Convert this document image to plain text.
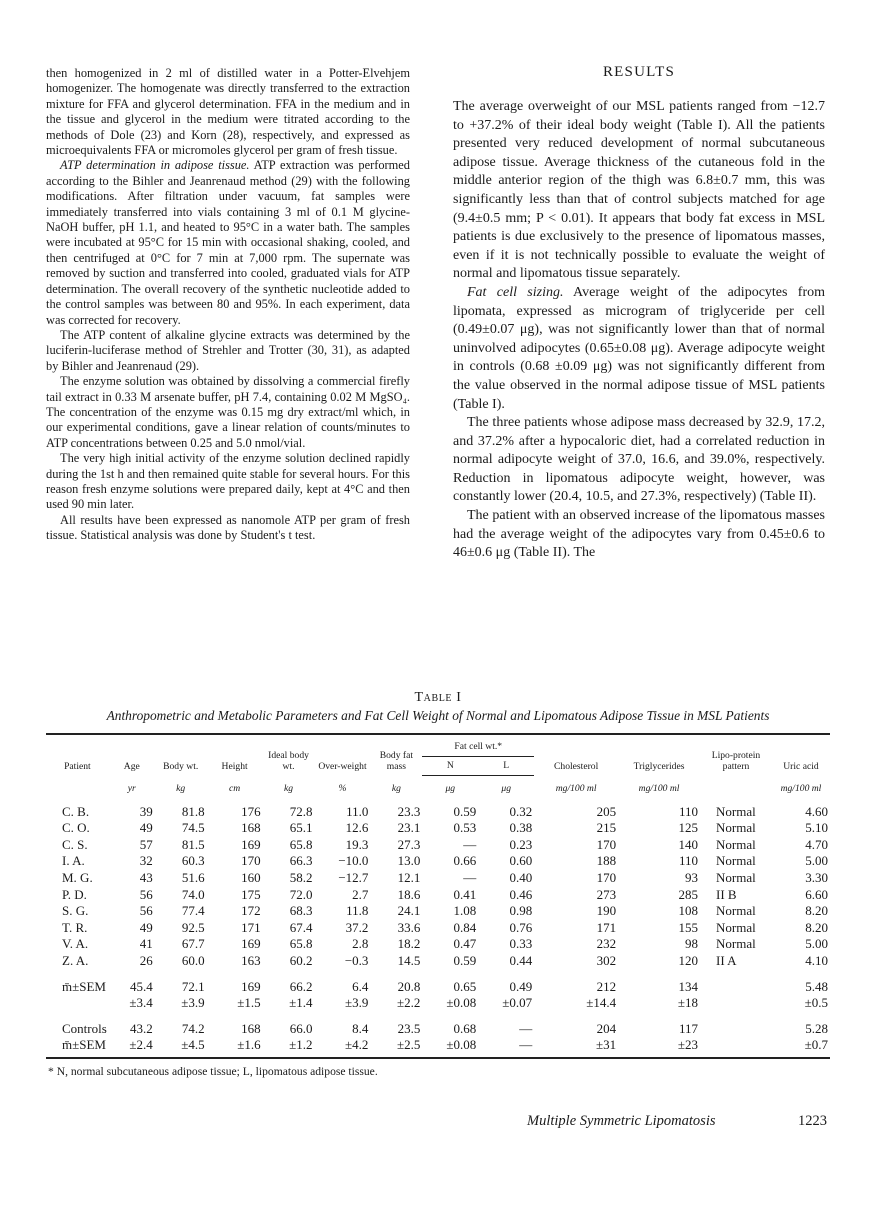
then homogenized in 2 ml of distilled water in a Potter-Elvehjem homogenizer. The homogenate was directly transferred to the extraction mixture for FFA and glycerol determination. FFA in the medium and in the tissue and glycerol in the medium were titrated according to the methods of Dole (23) and Korn (28), respectively, and expressed as microequivalents FFA or micromoles glycerol per gram of fresh tissue.

ATP determination in adipose tissue. ATP extraction was performed according to the Bihler and Jeanrenaud method (29) with the following modifications. After filtration under vacuum, fat samples were immediately transferred into vials containing 3 ml of 0.1 M glycine-NaOH buffer, pH 1.1, and heated to 95°C in a water bath. The samples were incubated at 95°C for 15 min with occasional shaking, cooled, and then centrifuged at 0°C for 7 min at 7,000 rpm. The supernate was removed by suction and transferred into cooled, graduated vials for ATP determination. The overall recovery of the synthetic nucleotide added to the control samples was between 80 and 95%. In each experiment, data was corrected for recovery.

The ATP content of alkaline glycine extracts was determined by the luciferin-luciferase method of Strehler and Trotter (30, 31), as adapted by Bihler and Jeanrenaud (29).

The enzyme solution was obtained by dissolving a commercial firefly tail extract in 0.33 M arsenate buffer, pH 7.4, containing 0.02 M MgSO₄. The concentration of the enzyme was 0.15 mg dry extract/ml which, in our experimental conditions, gave a linear relation of counts/minutes to ATP concentrations between 0.25 and 5.0 nmol/vial.

The very high initial activity of the enzyme solution declined rapidly during the 1st h and then remained quite stable for several hours. For this reason fresh enzyme solutions were prepared daily, kept at 4°C and then used 90 min later.

All results have been expressed as nanomole ATP per gram of fresh tissue. Statistical analysis was done by Student's t test.

RESULTS

The average overweight of our MSL patients ranged from −12.7 to +37.2% of their ideal body weight (Table I). All the patients presented very reduced development of normal subcutaneous adipose tissue. Average thickness of the cutaneous fold in the middle anterior region of the thigh was 6.8±0.7 mm, this was significantly less than that of control subjects matched for age (9.4±0.5 mm; P < 0.01). It appears that body fat excess in MSL patients is due exclusively to the presence of lipomatous masses, even if it is not technically possible to evaluate the weight of normal and lipomatous tissue separately.

Fat cell sizing. Average weight of the adipocytes from lipomata, expressed as microgram of triglyceride per cell (0.49±0.07 μg), was not significantly lower than that of normal uninvolved adipocytes (0.65±0.08 μg). Average adipocyte weight in controls (0.68 ±0.09 μg) was not significantly different from the value observed in the normal adipose tissue of MSL patients (Table I).

The three patients whose adipose mass decreased by 32.9, 17.2, and 37.2% after a hypocaloric diet, had a correlated reduction in normal adipocyte weight of 37.0, 16.6, and 39.0%, respectively. Reduction in lipomatous adipocyte weight, however, was constantly lower (20.4, 10.5, and 27.3%, respectively) (Table II).

The patient with an observed increase of the lipomatous masses had the average weight of the adipocytes vary from 0.45±0.6 to 46±0.6 μg (Table II). The

Table I
Anthropometric and Metabolic Parameters and Fat Cell Weight of Normal and Lipomatous Adipose Tissue in MSL Patients
Patient	Age	Body wt.	Height	Ideal body wt.	Over-weight	Body fat mass	Fat cell wt.*		Cholesterol	Triglycerides	Lipo-protein pattern	Uric acid
							N	L				
	yr	kg	cm	kg	%	kg	μg	μg	mg/100 ml	mg/100 ml		mg/100 ml
C. B.	39	81.8	176	72.8	11.0	23.3	0.59	0.32	205	110	Normal	4.60
C. O.	49	74.5	168	65.1	12.6	23.1	0.53	0.38	215	125	Normal	5.10
C. S.	57	81.5	169	65.8	19.3	27.3	—	0.23	170	140	Normal	4.70
I. A.	32	60.3	170	66.3	−10.0	13.0	0.66	0.60	188	110	Normal	5.00
M. G.	43	51.6	160	58.2	−12.7	12.1	—	0.40	170	93	Normal	3.30
P. D.	56	74.0	175	72.0	2.7	18.6	0.41	0.46	273	285	II B	6.60
S. G.	56	77.4	172	68.3	11.8	24.1	1.08	0.98	190	108	Normal	8.20
T. R.	49	92.5	171	67.4	37.2	33.6	0.84	0.76	171	155	Normal	8.20
V. A.	41	67.7	169	65.8	2.8	18.2	0.47	0.33	232	98	Normal	5.00
Z. A.	26	60.0	163	60.2	−0.3	14.5	0.59	0.44	302	120	II A	4.10
m̄±SEM	45.4	72.1	169	66.2	6.4	20.8	0.65	0.49	212	134		5.48
	±3.4	±3.9	±1.5	±1.4	±3.9	±2.2	±0.08	±0.07	±14.4	±18		±0.5
Controls	43.2	74.2	168	66.0	8.4	23.5	0.68	—	204	117		5.28
m̄±SEM	±2.4	±4.5	±1.6	±1.2	±4.2	±2.5	±0.08	—	±31	±23		±0.7
* N, normal subcutaneous adipose tissue; L, lipomatous adipose tissue.
Multiple Symmetric Lipomatosis	1223
